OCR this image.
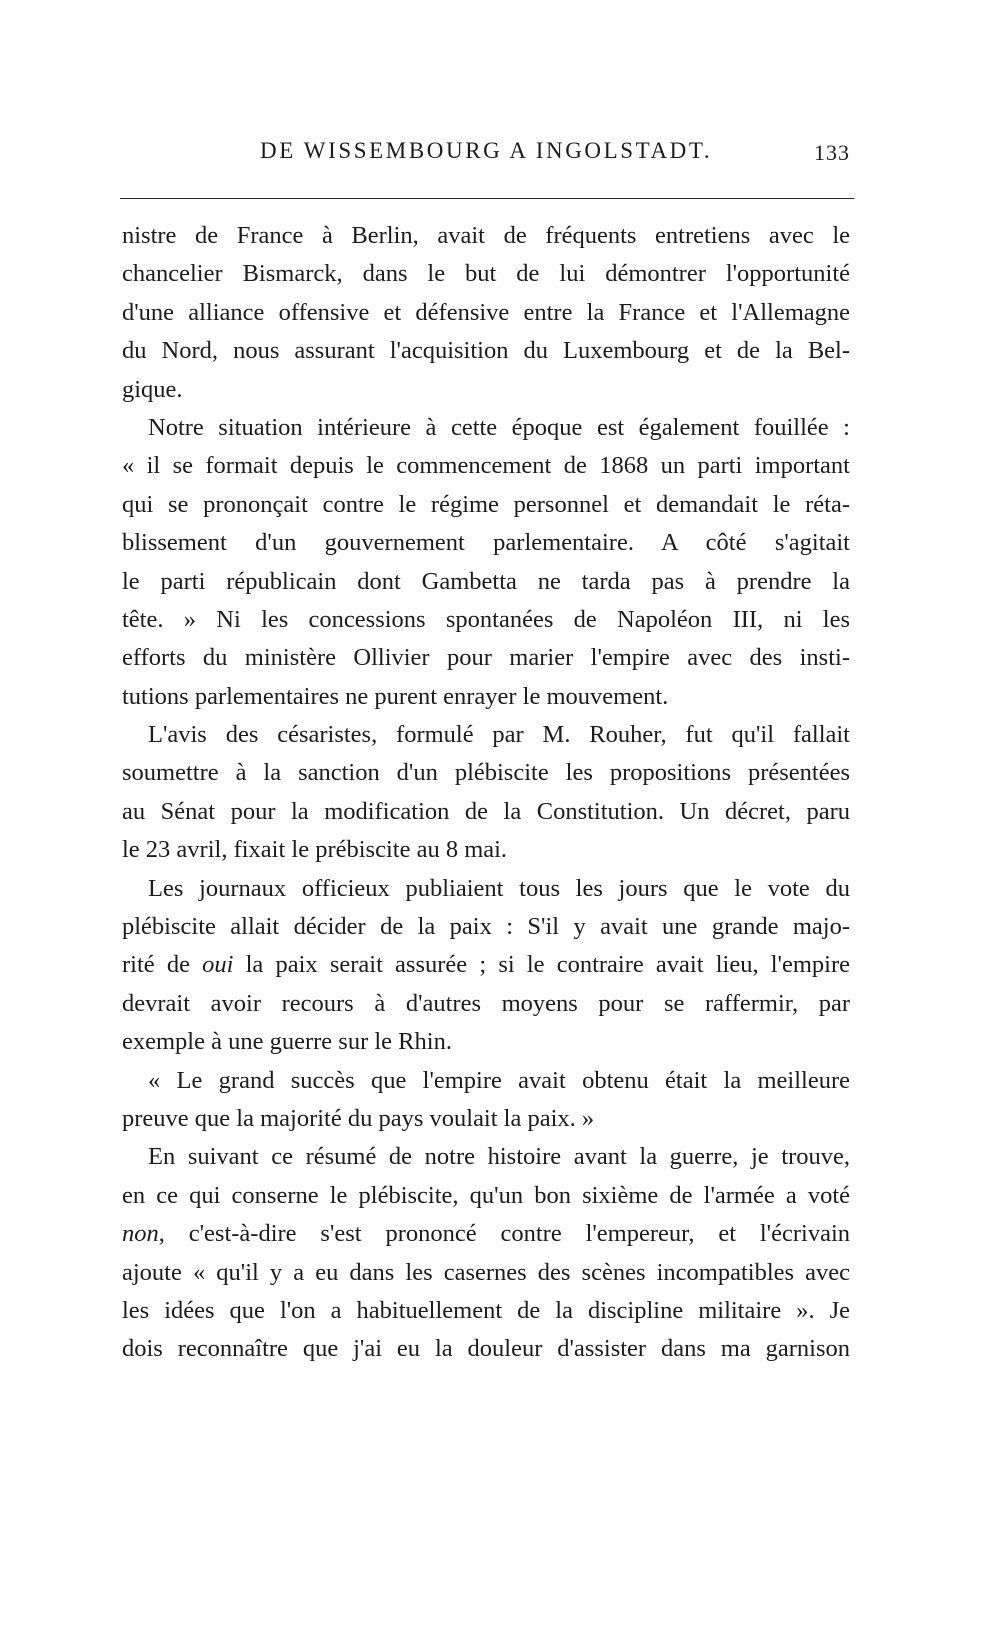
DE WISSEMBOURG A INGOLSTADT.	133
nistre de France à Berlin, avait de fréquents entretiens avec le
chancelier Bismarck, dans le but de lui démontrer l'opportunité
d'une alliance offensive et défensive entre la France et l'Allemagne
du Nord, nous assurant l'acquisition du Luxembourg et de la Bel-
gique.
Notre situation intérieure à cette époque est également fouillée :
« il se formait depuis le commencement de 1868 un parti important
qui se prononçait contre le régime personnel et demandait le réta-
blissement d'un gouvernement parlementaire. A côté s'agitait
le parti républicain dont Gambetta ne tarda pas à prendre la
tête. » Ni les concessions spontanées de Napoléon III, ni les
efforts du ministère Ollivier pour marier l'empire avec des insti-
tutions parlementaires ne purent enrayer le mouvement.
L'avis des césaristes, formulé par M. Rouher, fut qu'il fallait
soumettre à la sanction d'un plébiscite les propositions présentées
au Sénat pour la modification de la Constitution. Un décret, paru
le 23 avril, fixait le prébiscite au 8 mai.
Les journaux officieux publiaient tous les jours que le vote du
plébiscite allait décider de la paix : S'il y avait une grande majo-
rité de oui la paix serait assurée ; si le contraire avait lieu, l'empire
devrait avoir recours à d'autres moyens pour se raffermir, par
exemple à une guerre sur le Rhin.
« Le grand succès que l'empire avait obtenu était la meilleure
preuve que la majorité du pays voulait la paix. »
En suivant ce résumé de notre histoire avant la guerre, je trouve,
en ce qui conserne le plébiscite, qu'un bon sixième de l'armée a voté
non, c'est-à-dire s'est prononcé contre l'empereur, et l'écrivain
ajoute « qu'il y a eu dans les casernes des scènes incompatibles avec
les idées que l'on a habituellement de la discipline militaire ». Je
dois reconnaître que j'ai eu la douleur d'assister dans ma garnison
